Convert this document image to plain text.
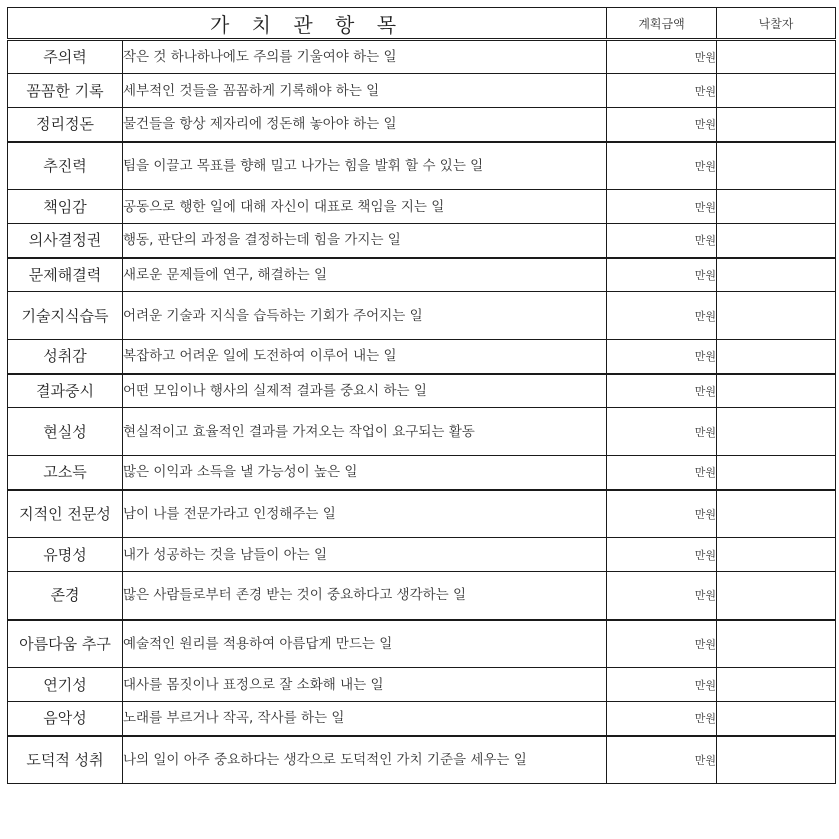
가 치 관 항 목		계획금액	낙찰자
주의력	작은 것 하나하나에도 주의를 기울여야 하는 일	만원	
꼼꼼한 기록	세부적인 것들을 꼼꼼하게 기록해야 하는 일	만원	
정리정돈	물건들을 항상 제자리에 정돈해 놓아야 하는 일	만원	
추진력	팀을 이끌고 목표를 향해 밀고 나가는 힘을 발휘 할 수 있는 일	만원	
책임감	공동으로 행한 일에 대해 자신이 대표로 책임을 지는 일	만원	
의사결정권	행동, 판단의 과정을 결정하는데 힘을 가지는 일	만원	
문제해결력	새로운 문제들에 연구, 해결하는 일	만원	
기술지식습득	어려운 기술과 지식을 습득하는 기회가 주어지는 일	만원	
성취감	복잡하고 어려운 일에 도전하여 이루어 내는 일	만원	
결과중시	어떤 모임이나 행사의 실제적 결과를 중요시 하는 일	만원	
현실성	현실적이고 효율적인 결과를 가져오는 작업이 요구되는 활동	만원	
고소득	많은 이익과 소득을 낼 가능성이 높은 일	만원	
지적인 전문성	남이 나를 전문가라고 인정해주는 일	만원	
유명성	내가 성공하는 것을 남들이 아는 일	만원	
존경	많은 사람들로부터 존경 받는 것이 중요하다고 생각하는 일	만원	
아름다움 추구	예술적인 원리를 적용하여 아름답게 만드는 일	만원	
연기성	대사를 몸짓이나 표정으로 잘 소화해 내는 일	만원	
음악성	노래를 부르거나 작곡, 작사를 하는 일	만원	
도덕적 성취	나의 일이 아주 중요하다는 생각으로 도덕적인 가치 기준을 세우는 일	만원	
